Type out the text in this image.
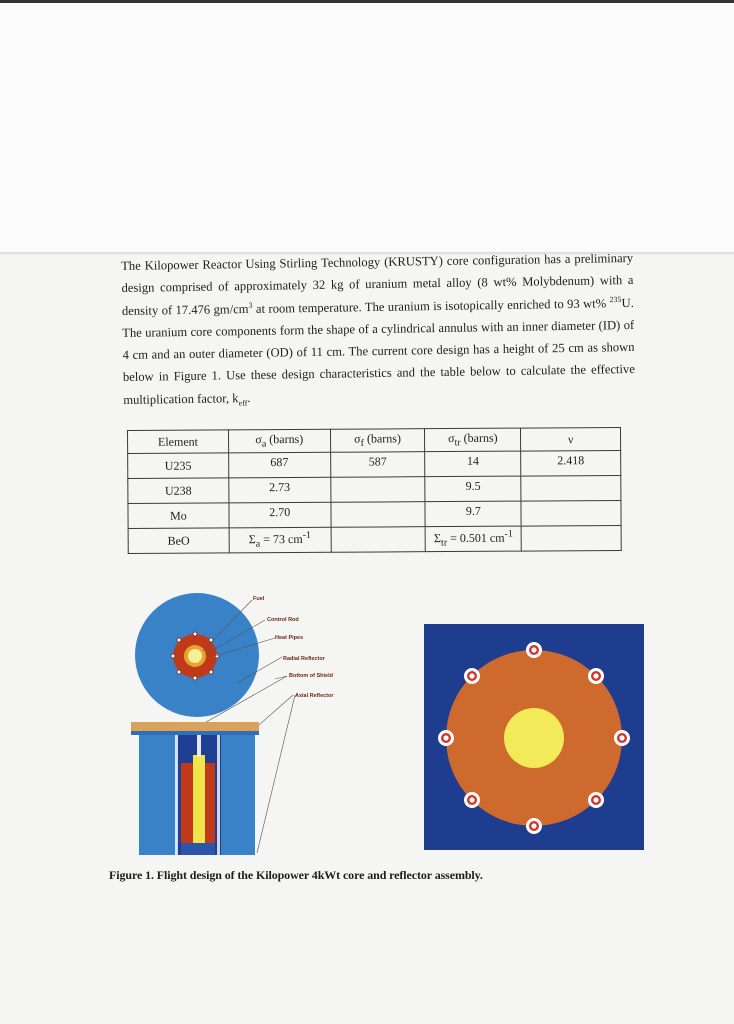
The Kilopower Reactor Using Stirling Technology (KRUSTY) core configuration has a preliminary design comprised of approximately 32 kg of uranium metal alloy (8 wt% Molybdenum) with a density of 17.476 $gm/cm^3$ at room temperature. The uranium is isotopically enriched to 93 wt% $^{235}$U. The uranium core components form the shape of a cylindrical annulus with an inner diameter (ID) of 4 cm and an outer diameter (OD) of 11 cm. The current core design has a height of 25 cm as shown below in Figure 1. Use these design characteristics and the table below to calculate the effective multiplication factor, $k_{eff}$.
Element	$\sigma_a$ (barns)	$\sigma_f$ (barns)	$\sigma_{tr}$ (barns)	ν
U235	687	587	14	2.418
U238	2.73		9.5	
Mo	2.70		9.7	
BeO	$\Sigma_a = 73$ $cm^{-1}$		$\Sigma_{tr} = 0.501$ $cm^{-1}$	
Fuel
Control Rod
Heat Pipes
Radial Reflector
Bottom of Shield
Axial Reflector
Figure 1. Flight design of the Kilopower 4kWt core and reflector assembly.
